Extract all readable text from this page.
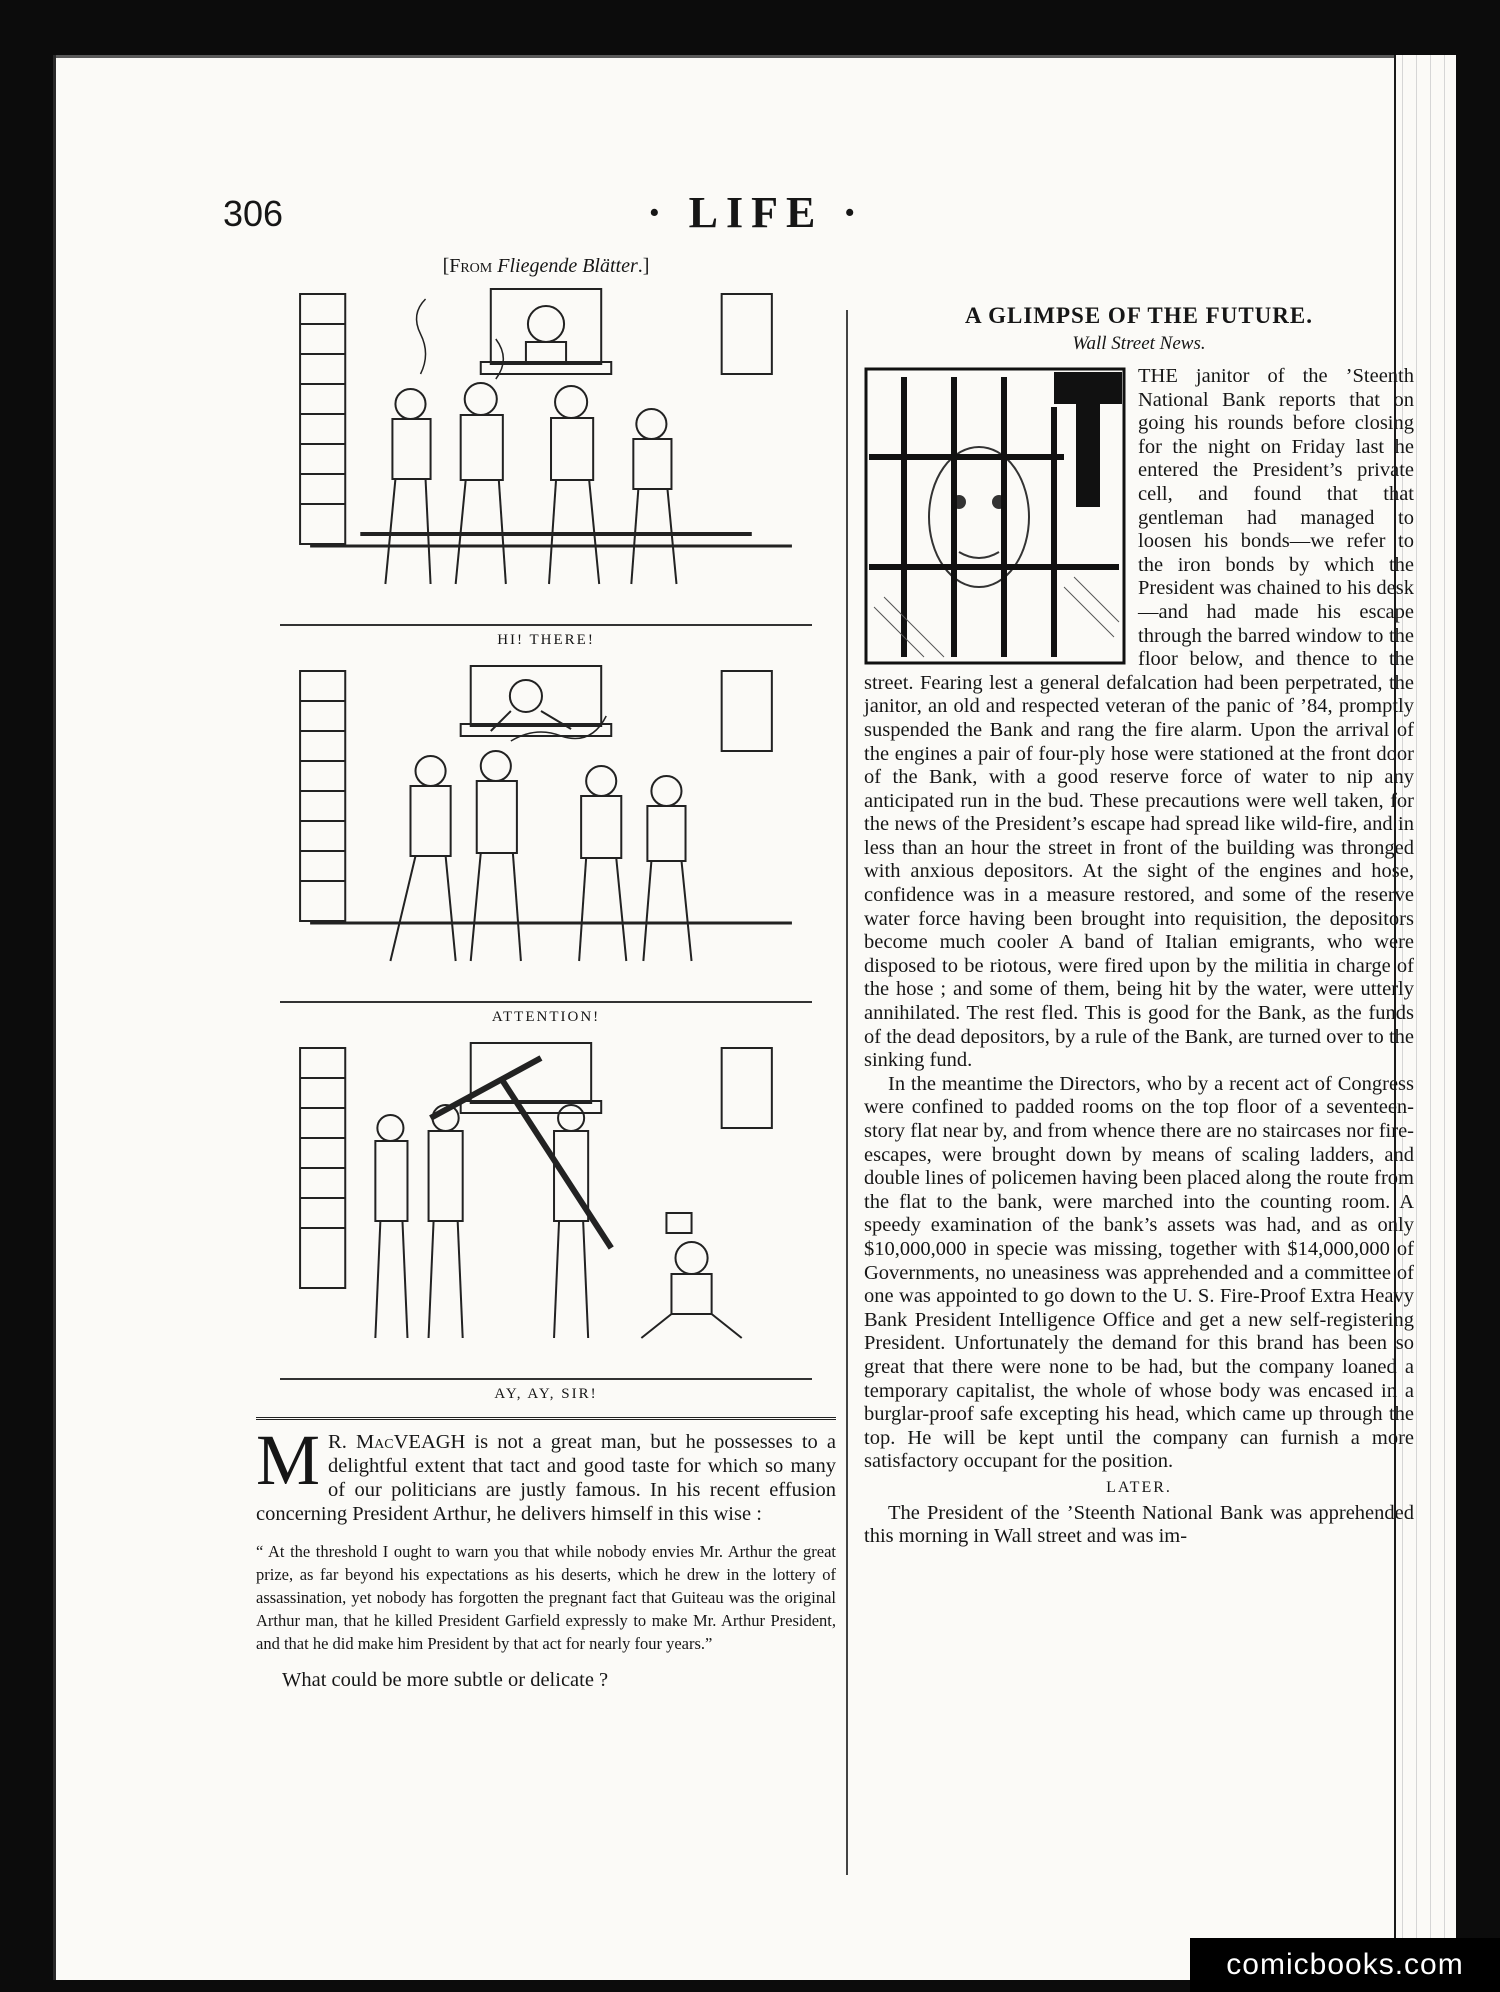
306	· LIFE ·
[From Fliegende Blätter.]
HI! THERE!
ATTENTION!
AY, AY, SIR!
M R. MacVEAGH is not a great man, but he possesses to a delightful extent that tact and good taste for which so many of our politicians are justly famous. In his recent effusion concerning President Arthur, he delivers himself in this wise :
“ At the threshold I ought to warn you that while nobody envies Mr. Arthur the great prize, as far beyond his expectations as his deserts, which he drew in the lottery of assassination, yet nobody has forgotten the pregnant fact that Guiteau was the original Arthur man, that he killed President Garfield expressly to make Mr. Arthur President, and that he did make him President by that act for nearly four years.”
What could be more subtle or delicate ?
A GLIMPSE OF THE FUTURE.
Wall Street News.

THE janitor of the ’Steenth National Bank reports that on going his rounds before closing for the night on Friday last he entered the President’s private cell, and found that that gentleman had managed to loosen his bonds—we refer to the iron bonds by which the President was chained to his desk—and had made his escape through the barred window to the floor below, and thence to the street. Fearing lest a general defalcation had been perpetrated, the janitor, an old and respected veteran of the panic of ’84, promptly suspended the Bank and rang the fire alarm. Upon the arrival of the engines a pair of four-ply hose were stationed at the front door of the Bank, with a good reserve force of water to nip any anticipated run in the bud. These precautions were well taken, for the news of the President’s escape had spread like wild-fire, and in less than an hour the street in front of the building was thronged with anxious depositors. At the sight of the engines and hose, confidence was in a measure restored, and some of the reserve water force having been brought into requisition, the depositors become much cooler A band of Italian emigrants, who were disposed to be riotous, were fired upon by the militia in charge of the hose ; and some of them, being hit by the water, were utterly annihilated. The rest fled. This is good for the Bank, as the funds of the dead depositors, by a rule of the Bank, are turned over to the sinking fund.

In the meantime the Directors, who by a recent act of Congress were confined to padded rooms on the top floor of a seventeen-story flat near by, and from whence there are no staircases nor fire-escapes, were brought down by means of scaling ladders, and double lines of policemen having been placed along the route from the flat to the bank, were marched into the counting room. A speedy examination of the bank’s assets was had, and as only $10,000,000 in specie was missing, together with $14,000,000 of Governments, no uneasiness was apprehended and a committee of one was appointed to go down to the U. S. Fire-Proof Extra Heavy Bank President Intelligence Office and get a new self-registering President. Unfortunately the demand for this brand has been so great that there were none to be had, but the company loaned a temporary capitalist, the whole of whose body was encased in a burglar-proof safe excepting his head, which came up through the top. He will be kept until the company can furnish a more satisfactory occupant for the position.

LATER.

The President of the ’Steenth National Bank was apprehended this morning in Wall street and was im-

comicbooks.com
